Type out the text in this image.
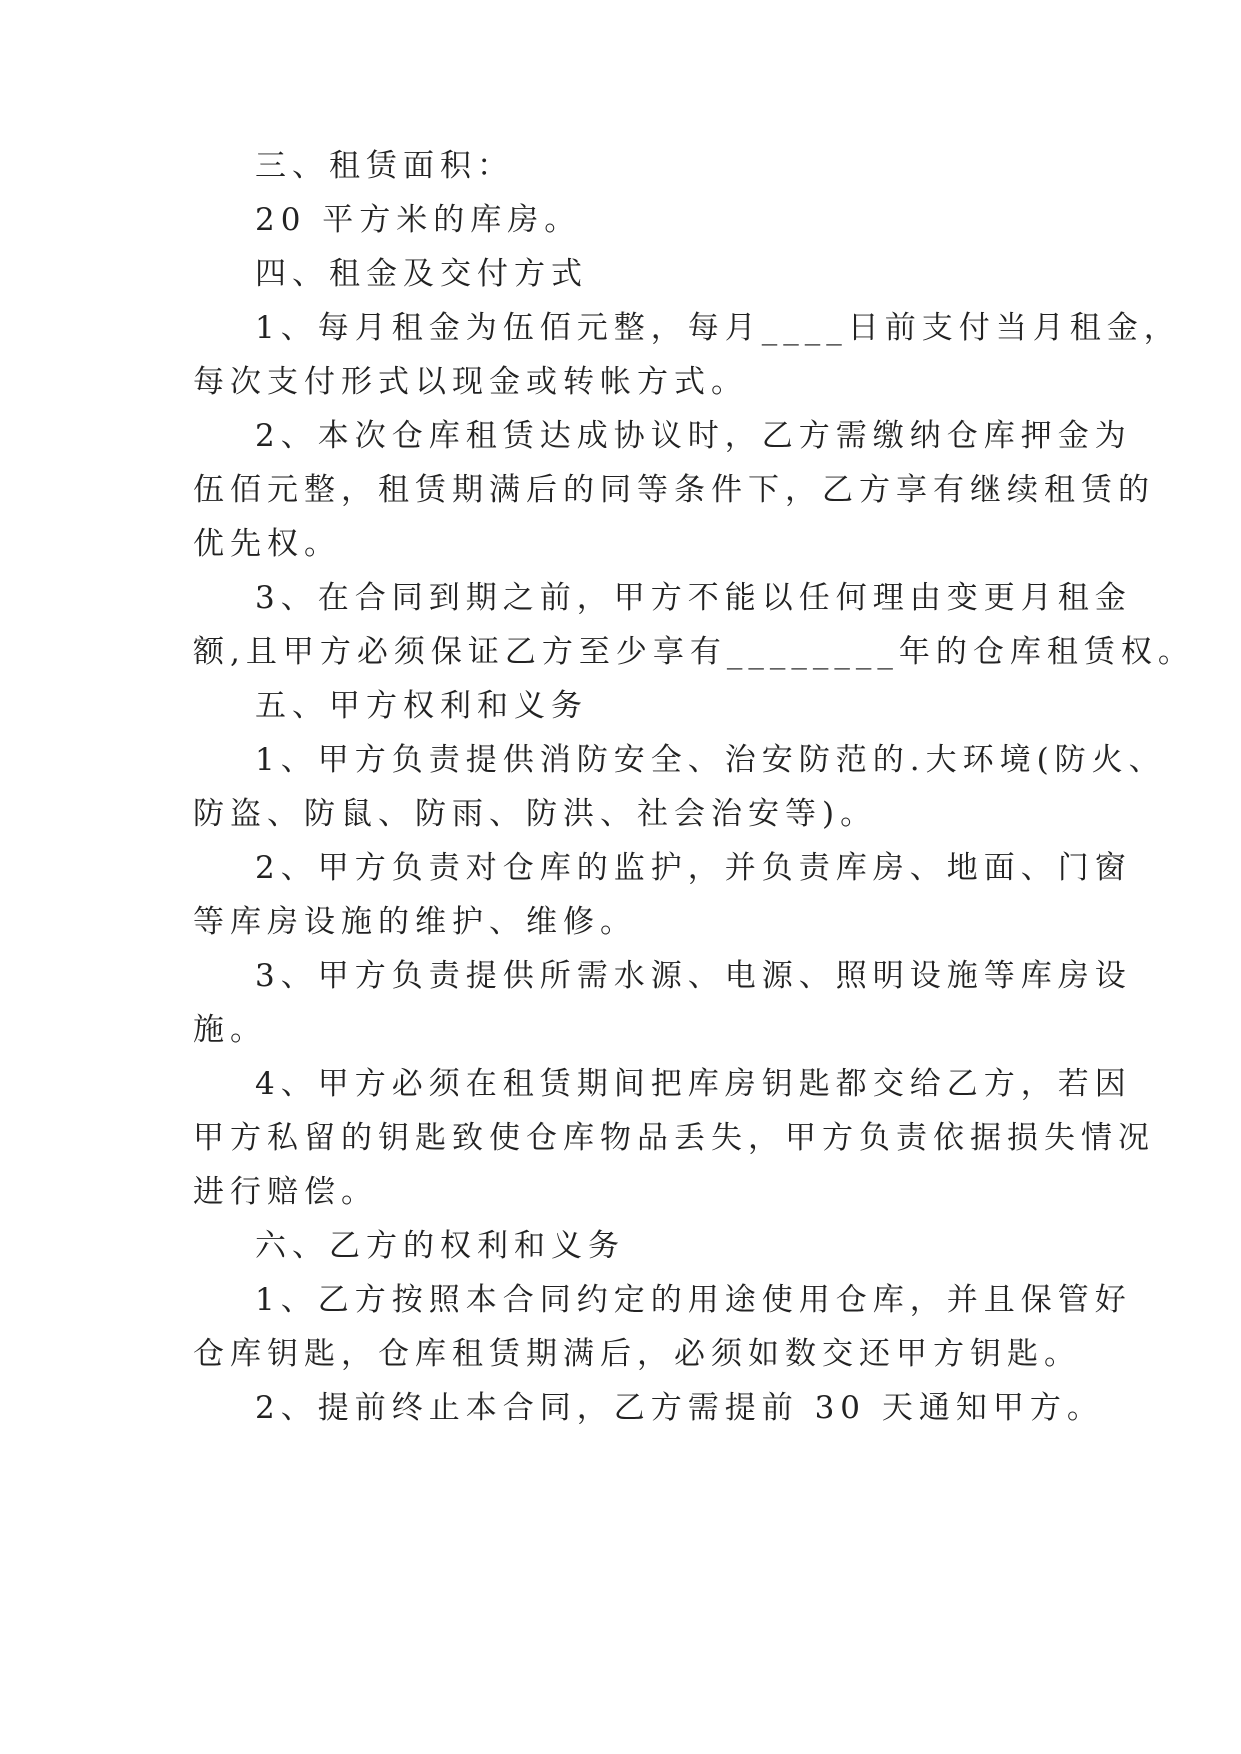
三、租赁面积：
20 平方米的库房。
四、租金及交付方式
1、每月租金为伍佰元整，每月____日前支付当月租金，
每次支付形式以现金或转帐方式。
2、本次仓库租赁达成协议时，乙方需缴纳仓库押金为
伍佰元整，租赁期满后的同等条件下，乙方享有继续租赁的
优先权。
3、在合同到期之前，甲方不能以任何理由变更月租金
额,且甲方必须保证乙方至少享有________年的仓库租赁权。
五、甲方权利和义务
1、甲方负责提供消防安全、治安防范的.大环境(防火、
防盗、防鼠、防雨、防洪、社会治安等)。
2、甲方负责对仓库的监护，并负责库房、地面、门窗
等库房设施的维护、维修。
3、甲方负责提供所需水源、电源、照明设施等库房设
施。
4、甲方必须在租赁期间把库房钥匙都交给乙方，若因
甲方私留的钥匙致使仓库物品丢失，甲方负责依据损失情况
进行赔偿。
六、乙方的权利和义务
1、乙方按照本合同约定的用途使用仓库，并且保管好
仓库钥匙，仓库租赁期满后，必须如数交还甲方钥匙。
2、提前终止本合同，乙方需提前 30 天通知甲方。
